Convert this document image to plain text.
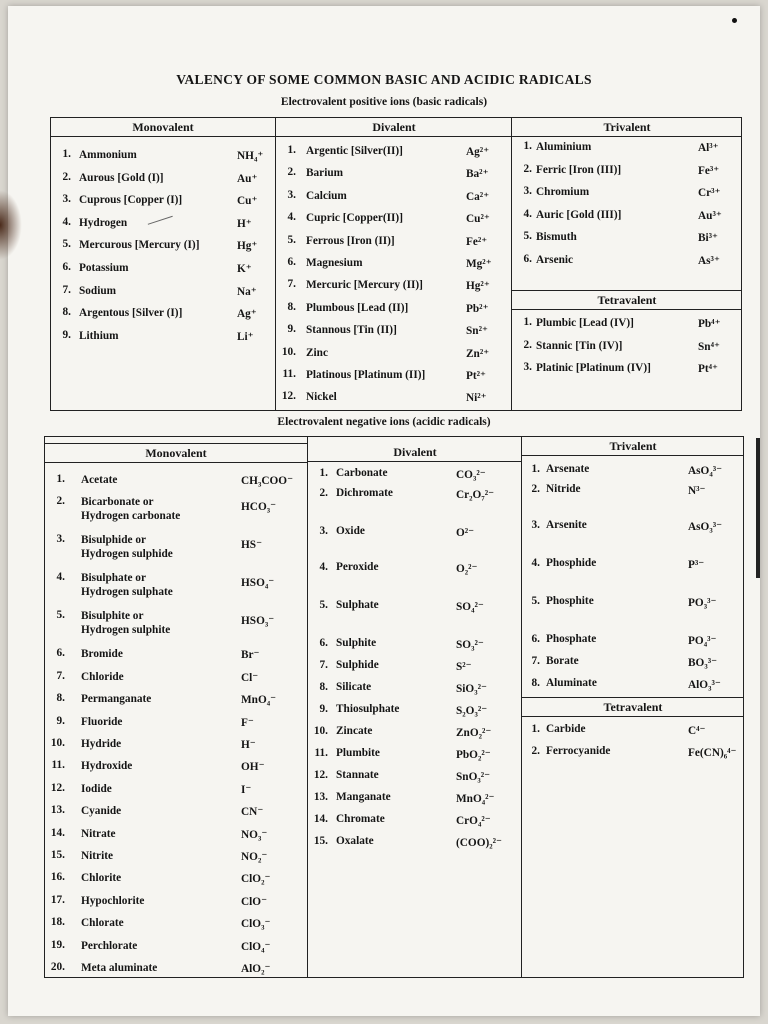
VALENCY OF SOME COMMON BASIC AND ACIDIC RADICALS
Electrovalent positive ions (basic radicals)
Monovalent
1. Ammonium	NH₄⁺
2. Aurous [Gold (I)]	Au⁺
3. Cuprous [Copper (I)]	Cu⁺
4. Hydrogen	H⁺
5. Mercurous [Mercury (I)]	Hg⁺
6. Potassium	K⁺
7. Sodium	Na⁺
8. Argentous [Silver (I)]	Ag⁺
9. Lithium	Li⁺
Divalent
1. Argentic [Silver(II)]	Ag²⁺
2. Barium	Ba²⁺
3. Calcium	Ca²⁺
4. Cupric [Copper(II)]	Cu²⁺
5. Ferrous [Iron (II)]	Fe²⁺
6. Magnesium	Mg²⁺
7. Mercuric [Mercury (II)]	Hg²⁺
8. Plumbous [Lead (II)]	Pb²⁺
9. Stannous [Tin (II)]	Sn²⁺
10. Zinc	Zn²⁺
11. Platinous [Platinum (II)]	Pt²⁺
12. Nickel	Ni²⁺
Trivalent
Tetravalent
1. Aluminium	Al³⁺
2. Ferric [Iron (III)]	Fe³⁺
3. Chromium	Cr³⁺
4. Auric [Gold (III)]	Au³⁺
5. Bismuth	Bi³⁺
6. Arsenic	As³⁺
1. Plumbic [Lead (IV)]	Pb⁴⁺
2. Stannic [Tin (IV)]	Sn⁴⁺
3. Platinic [Platinum (IV)]	Pt⁴⁺
Electrovalent negative ions (acidic radicals)
Monovalent
1. Acetate	CH₃COO⁻
2. Bicarbonate or
Hydrogen carbonate
HCO₃⁻
3. Bisulphide or
Hydrogen sulphide
HS⁻
4. Bisulphate or
Hydrogen sulphate
HSO₄⁻
5. Bisulphite or
Hydrogen sulphite
HSO₃⁻
6. Bromide	Br⁻
7. Chloride	Cl⁻
8. Permanganate	MnO₄⁻
9. Fluoride	F⁻
10. Hydride	H⁻
11. Hydroxide	OH⁻
12. Iodide	I⁻
13. Cyanide	CN⁻
14. Nitrate	NO₃⁻
15. Nitrite	NO₂⁻
16. Chlorite	ClO₂⁻
17. Hypochlorite	ClO⁻
18. Chlorate	ClO₃⁻
19. Perchlorate	ClO₄⁻
20. Meta aluminate	AlO₂⁻
Divalent
1. Carbonate	CO₃²⁻
2. Dichromate	Cr₂O₇²⁻
3. Oxide	O²⁻
4. Peroxide	O₂²⁻
5. Sulphate	SO₄²⁻
6. Sulphite	SO₃²⁻
7. Sulphide	S²⁻
8. Silicate	SiO₃²⁻
9. Thiosulphate	S₂O₃²⁻
10. Zincate	ZnO₂²⁻
11. Plumbite	PbO₂²⁻
12. Stannate	SnO₃²⁻
13. Manganate	MnO₄²⁻
14. Chromate	CrO₄²⁻
15. Oxalate	(COO)₂²⁻
Trivalent
Tetravalent
1. Arsenate	AsO₄³⁻
2. Nitride	N³⁻
3. Arsenite	AsO₃³⁻
4. Phosphide	P³⁻
5. Phosphite	PO₃³⁻
6. Phosphate	PO₄³⁻
7. Borate	BO₃³⁻
8. Aluminate	AlO₃³⁻
1. Carbide	C⁴⁻
2. Ferrocyanide	Fe(CN)₆⁴⁻
